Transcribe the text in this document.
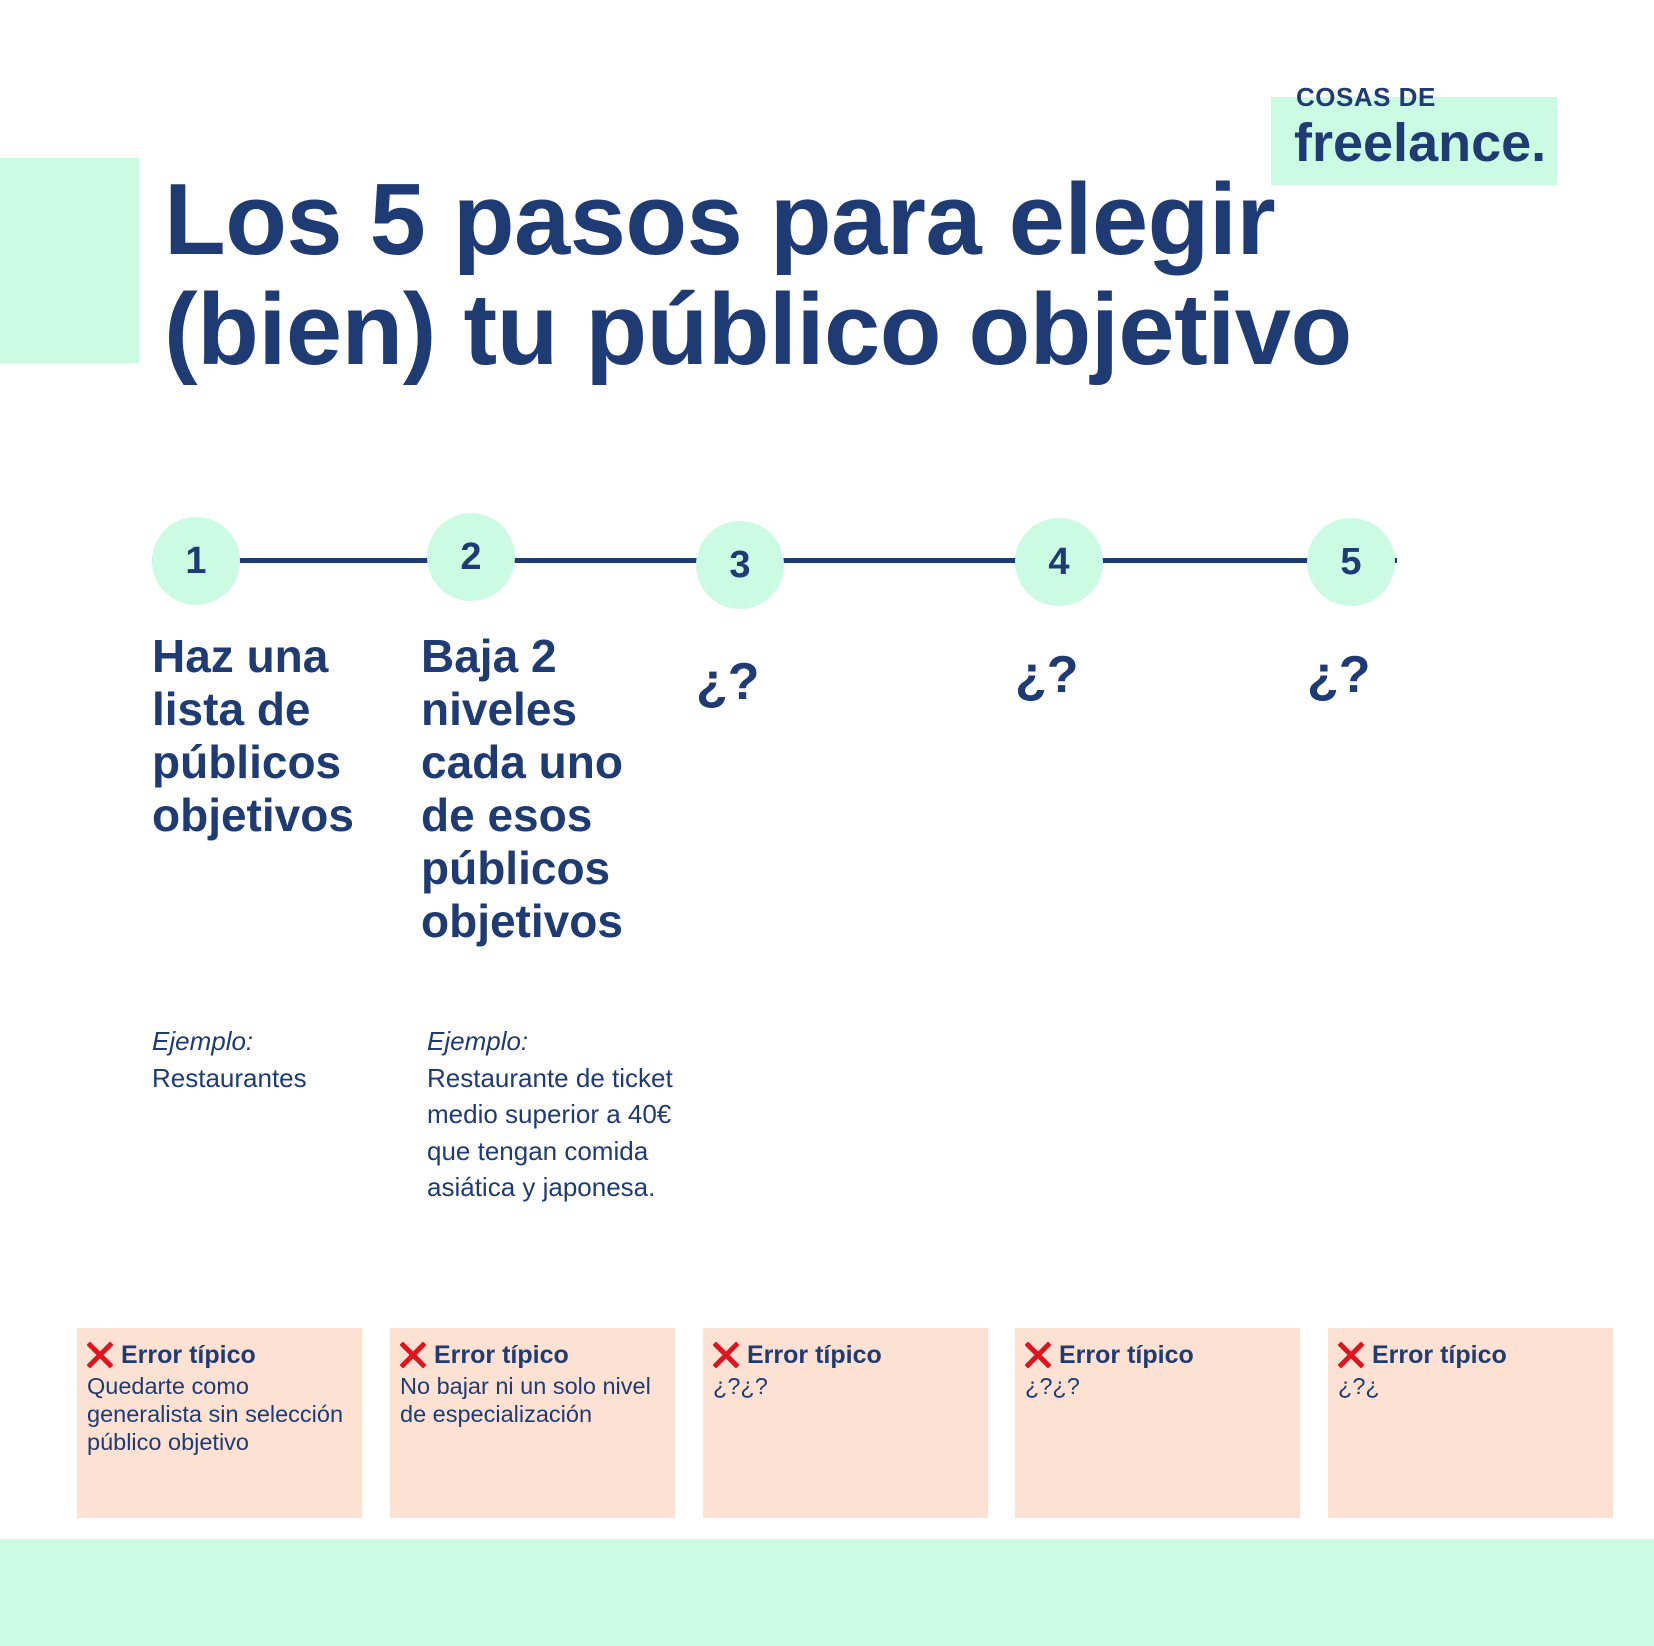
COSAS DE
freelance.
Los 5 pasos para elegir
(bien) tu público objetivo
1	2	3	4	5
Haz una lista de públicos objetivos
Baja 2 niveles cada uno de esos públicos objetivos
¿?	¿?	¿?
Ejemplo:
Restaurantes
Ejemplo:
Restaurante de ticket medio superior a 40€ que tengan comida asiática y japonesa.
Error típico
Quedarte como generalista sin selección público objetivo
Error típico
No bajar ni un solo nivel de especialización
Error típico
¿?¿?
Error típico
¿?¿?
Error típico
¿?¿
